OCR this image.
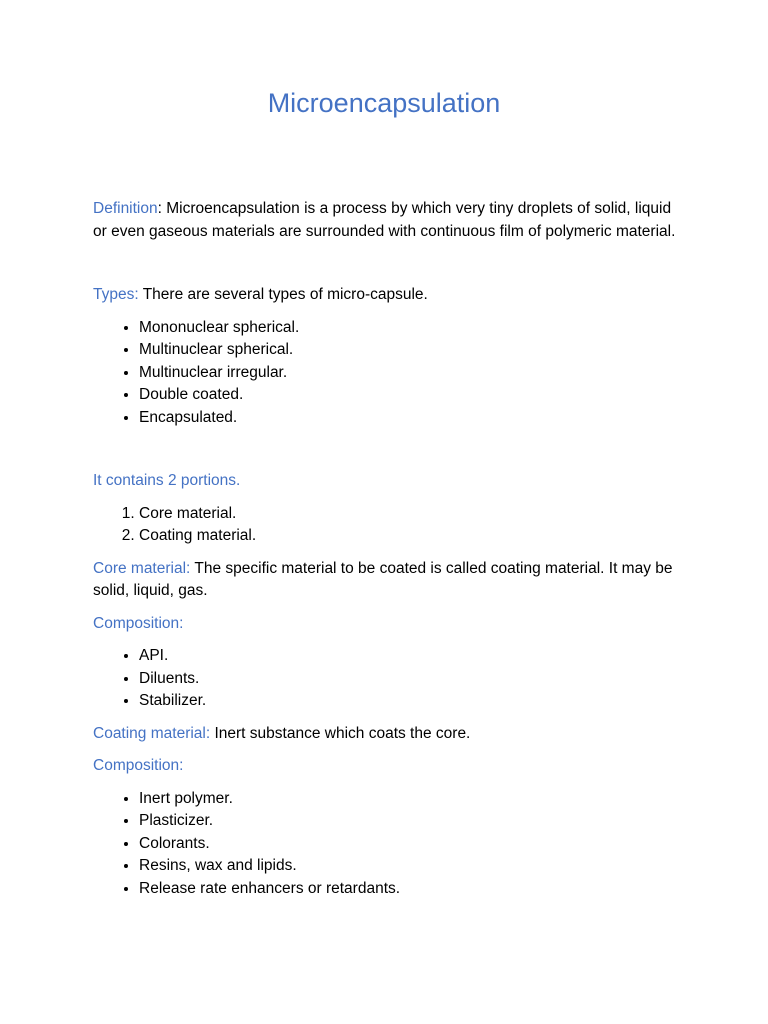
Microencapsulation

Definition: Microencapsulation is a process by which very tiny droplets of solid, liquid or even gaseous materials are surrounded with continuous film of polymeric material.

Types: There are several types of micro-capsule.

• Mononuclear spherical.
• Multinuclear spherical.
• Multinuclear irregular.
• Double coated.
• Encapsulated.

It contains 2 portions.

1. Core material.
2. Coating material.

Core material: The specific material to be coated is called coating material. It may be solid, liquid, gas.

Composition:

• API.
• Diluents.
• Stabilizer.

Coating material: Inert substance which coats the core.

Composition:

• Inert polymer.
• Plasticizer.
• Colorants.
• Resins, wax and lipids.
• Release rate enhancers or retardants.
